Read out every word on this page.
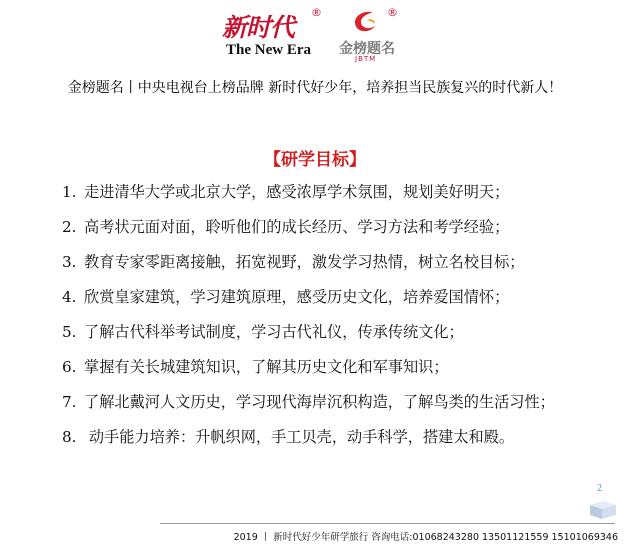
新时代
®
The New Era
®
金榜题名
JBTM
金榜题名丨中央电视台上榜品牌 新时代好少年，培养担当民族复兴的时代新人！
【研学目标】
1. 走进清华大学或北京大学，感受浓厚学术氛围，规划美好明天；
2. 高考状元面对面，聆听他们的成长经历、学习方法和考学经验；
3. 教育专家零距离接触，拓宽视野，激发学习热情，树立名校目标；
4. 欣赏皇家建筑，学习建筑原理，感受历史文化，培养爱国情怀；
5. 了解古代科举考试制度，学习古代礼仪，传承传统文化；
6. 掌握有关长城建筑知识，了解其历史文化和军事知识；
7. 了解北戴河人文历史，学习现代海岸沉积构造，了解鸟类的生活习性；
8. 动手能力培养：升帆织网，手工贝壳，动手科学，搭建太和殿。
2
2019 丨 新时代好少年研学旅行 咨询电话:01068243280 13501121559 15101069346
